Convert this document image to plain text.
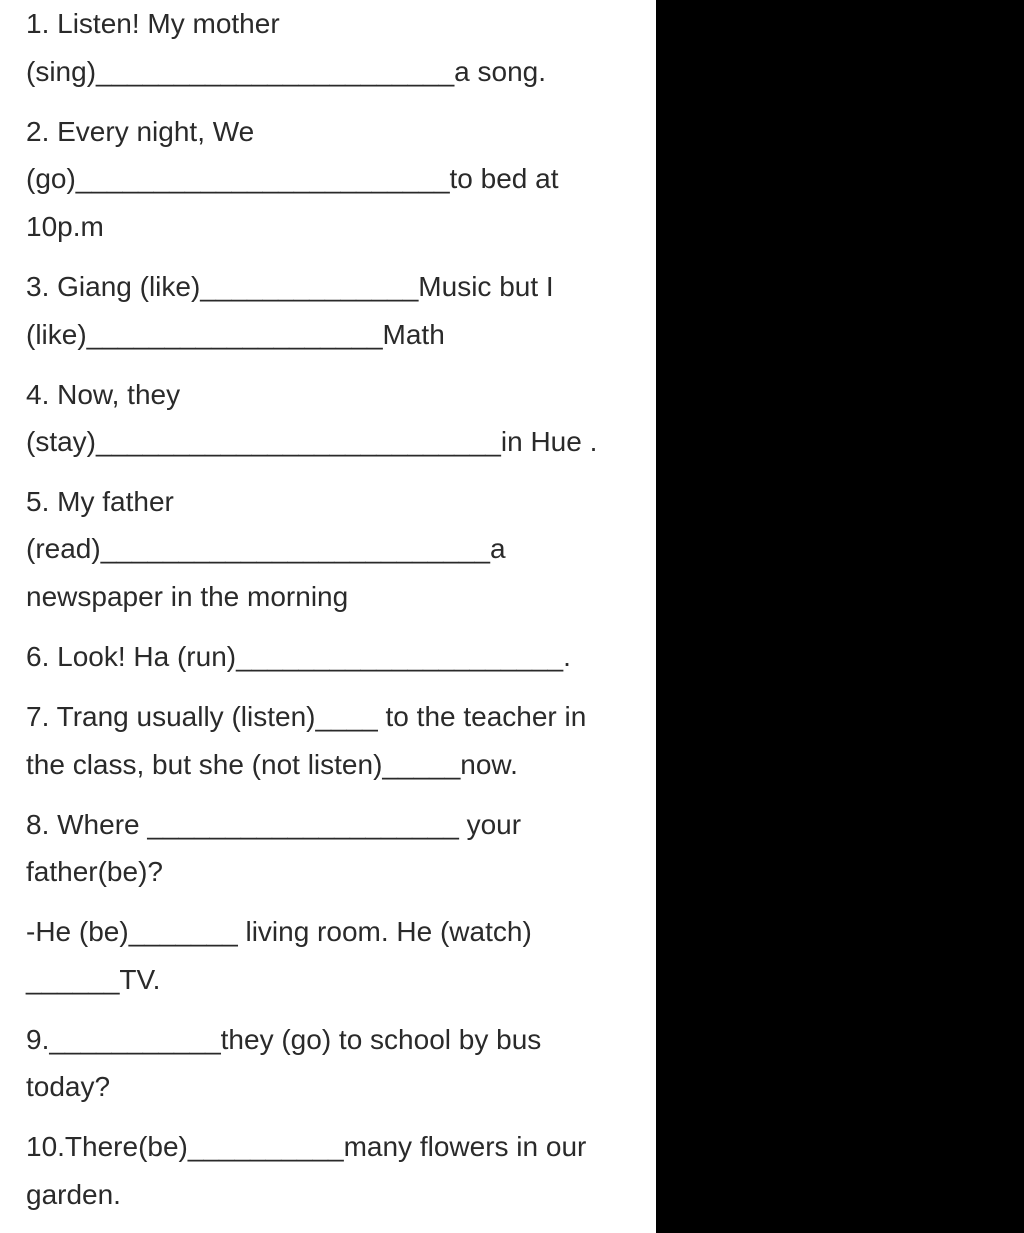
1. Listen! My mother

(sing)_______________________a song.

2. Every night, We

(go)________________________to bed at

10p.m

3. Giang (like)______________Music but I

(like)___________________Math

4. Now, they

(stay)__________________________in Hue .

5. My father

(read)_________________________a

newspaper in the morning

6. Look! Ha (run)_____________________.

7. Trang usually (listen)____ to the teacher in

the class, but she (not listen)_____now.

8. Where ____________________ your

father(be)?

-He (be)_______ living room. He (watch)

______TV.

9.___________they (go) to school by bus

today?

10.There(be)__________many flowers in our

garden.
